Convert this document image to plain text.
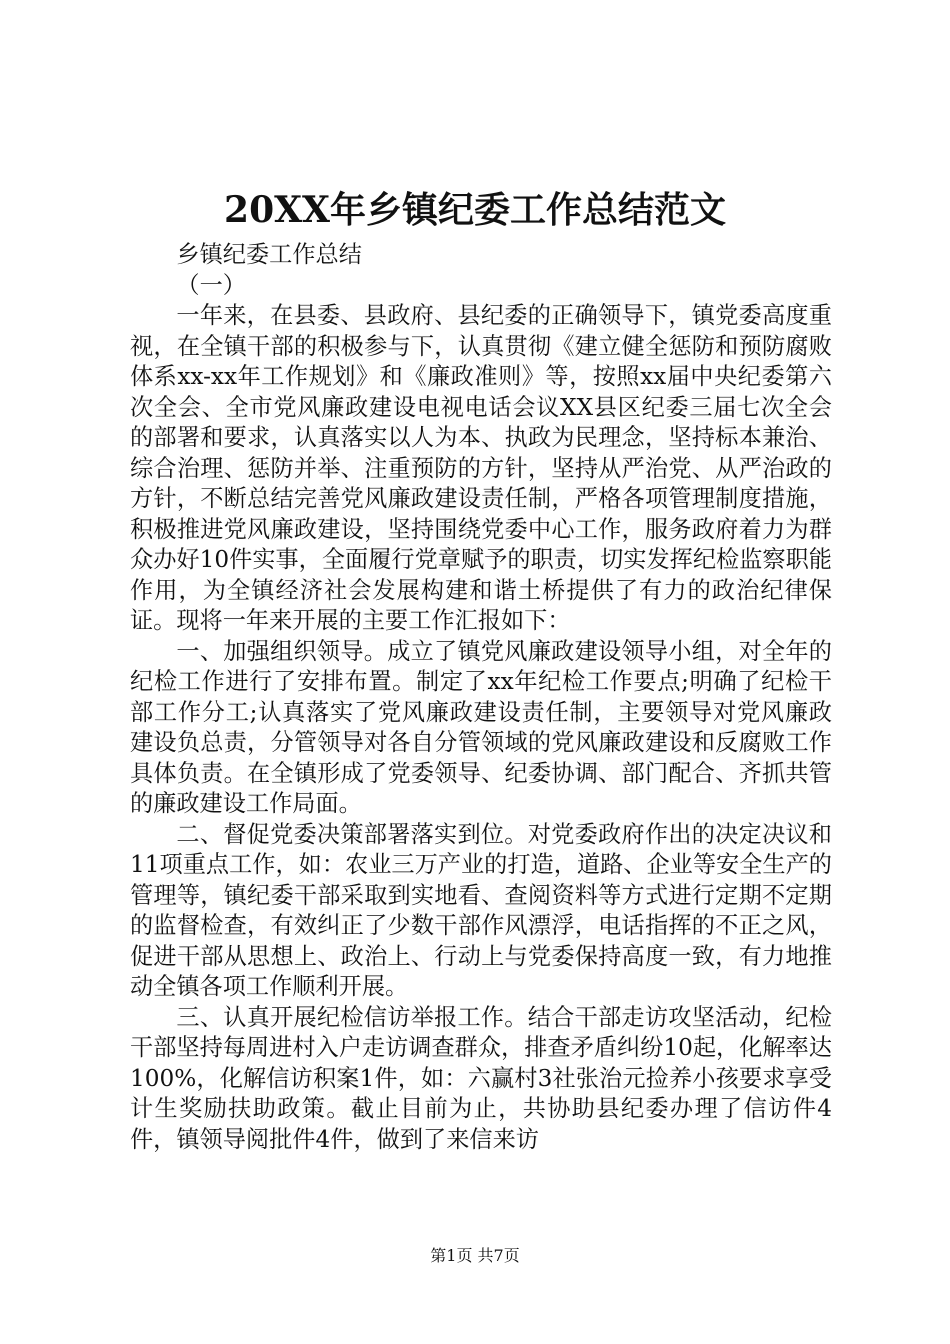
20XX年乡镇纪委工作总结范文

乡镇纪委工作总结

（一）

一年来，在县委、县政府、县纪委的正确领导下，镇党委高度重视，在全镇干部的积极参与下，认真贯彻《建立健全惩防和预防腐败体系xx-xx年工作规划》和《廉政准则》等，按照xx届中央纪委第六次全会、全市党风廉政建设电视电话会议XX县区纪委三届七次全会的部署和要求，认真落实以人为本、执政为民理念，坚持标本兼治、综合治理、惩防并举、注重预防的方针，坚持从严治党、从严治政的方针，不断总结完善党风廉政建设责任制，严格各项管理制度措施，积极推进党风廉政建设，坚持围绕党委中心工作，服务政府着力为群众办好10件实事，全面履行党章赋予的职责，切实发挥纪检监察职能作用，为全镇经济社会发展构建和谐土桥提供了有力的政治纪律保证。现将一年来开展的主要工作汇报如下：

一、加强组织领导。成立了镇党风廉政建设领导小组，对全年的纪检工作进行了安排布置。制定了xx年纪检工作要点;明确了纪检干部工作分工;认真落实了党风廉政建设责任制，主要领导对党风廉政建设负总责，分管领导对各自分管领域的党风廉政建设和反腐败工作具体负责。在全镇形成了党委领导、纪委协调、部门配合、齐抓共管的廉政建设工作局面。

二、督促党委决策部署落实到位。对党委政府作出的决定决议和11项重点工作，如：农业三万产业的打造，道路、企业等安全生产的管理等，镇纪委干部采取到实地看、查阅资料等方式进行定期不定期的监督检查，有效纠正了少数干部作风漂浮，电话指挥的不正之风，促进干部从思想上、政治上、行动上与党委保持高度一致，有力地推动全镇各项工作顺利开展。

三、认真开展纪检信访举报工作。结合干部走访攻坚活动，纪检干部坚持每周进村入户走访调查群众，排查矛盾纠纷10起，化解率达100%，化解信访积案1件，如：六赢村3社张治元捡养小孩要求享受计生奖励扶助政策。截止目前为止，共协助县纪委办理了信访件4件，镇领导阅批件4件，做到了来信来访

第1页 共7页
